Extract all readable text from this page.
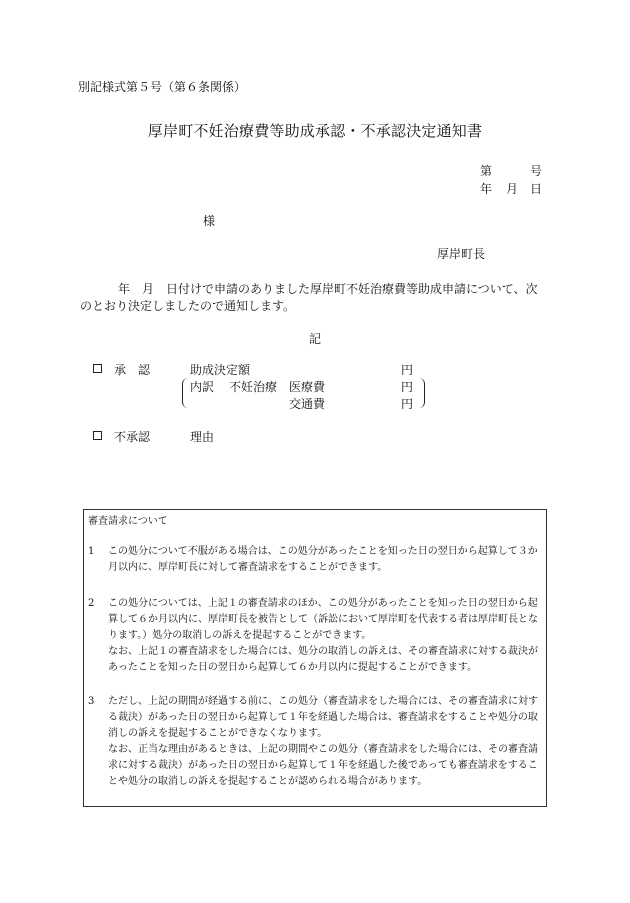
別記様式第５号（第６条関係）
厚岸町不妊治療費等助成承認・不承認決定通知書
第	号
年 月 日
様
厚岸町長
年　月　日付けで申請のありました厚岸町不妊治療費等助成申請について、次
のとおり決定しましたので通知します。
記
承　認	助成決定額	円
内訳 不妊治療 医療費	円
交通費	円
不承認	理由
審査請求について
1 この処分について不服がある場合は、この処分があったことを知った日の翌日から起算して３か
月以内に、厚岸町長に対して審査請求をすることができます。
2 この処分については、上記１の審査請求のほか、この処分があったことを知った日の翌日から起
算して６か月以内に、厚岸町長を被告として（訴訟において厚岸町を代表する者は厚岸町長とな
ります。）処分の取消しの訴えを提起することができます。
なお、上記１の審査請求をした場合には、処分の取消しの訴えは、その審査請求に対する裁決が
あったことを知った日の翌日から起算して６か月以内に提起することができます。
3 ただし、上記の期間が経過する前に、この処分（審査請求をした場合には、その審査請求に対す
る裁決）があった日の翌日から起算して１年を経過した場合は、審査請求をすることや処分の取
消しの訴えを提起することができなくなります。
なお、正当な理由があるときは、上記の期間やこの処分（審査請求をした場合には、その審査請
求に対する裁決）があった日の翌日から起算して１年を経過した後であっても審査請求をするこ
とや処分の取消しの訴えを提起することが認められる場合があります。
